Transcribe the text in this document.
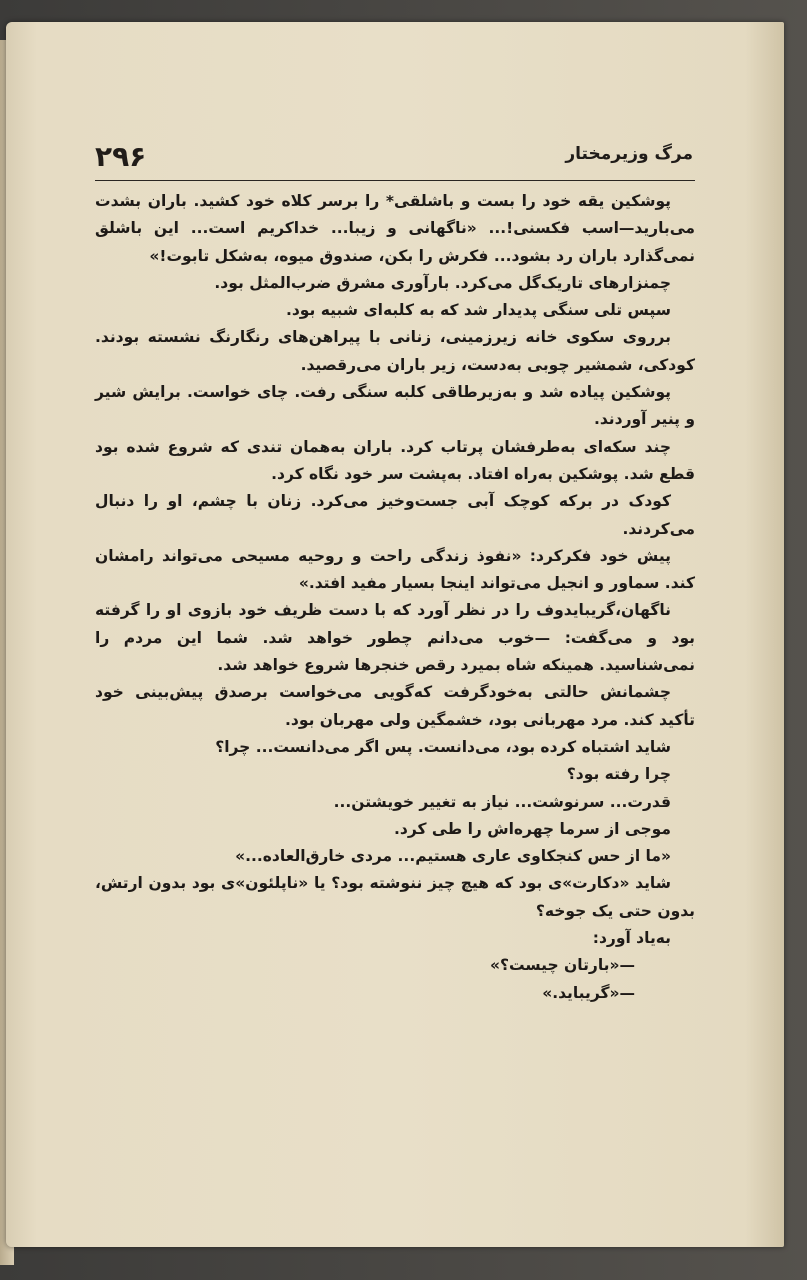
۲۹۶	مرگ وزیرمختار

پوشکین یقه خود را بست و باشلقی* را برسر کلاه خود کشید. باران بشدت می‌بارید—اسب فکسنی!... «ناگهانی و زیبا... خداکریم است... این باشلق نمی‌گذارد باران رد بشود... فکرش را بکن، صندوق میوه، به‌شکل تابوت!»

چمنزارهای تاریک‌گل می‌کرد. بارآوری مشرق ضرب‌المثل بود.

سپس تلی سنگی پدیدار شد که به کلبه‌ای شبیه بود.

برروی سکوی خانه زیرزمینی، زنانی با پیراهن‌های رنگارنگ نشسته بودند. کودکی، شمشیر چوبی به‌دست، زیر باران می‌رقصید.

پوشکین پیاده شد و به‌زیرطاقی کلبه سنگی رفت. چای خواست. برایش شیر و پنیر آوردند.

چند سکه‌ای به‌طرفشان پرتاب کرد. باران به‌همان تندی که شروع شده بود قطع شد. پوشکین به‌راه افتاد. به‌پشت سر خود نگاه کرد.

کودک در برکه کوچک آبی جست‌وخیز می‌کرد. زنان با چشم، او را دنبال می‌کردند.

پیش خود فکرکرد: «نفوذ زندگی راحت و روحیه مسیحی می‌تواند رامشان کند. سماور و انجیل می‌تواند اینجا بسیار مفید افتد.»

ناگهان،گریبایدوف را در نظر آورد که با دست ظریف خود بازوی او را گرفته بود و می‌گفت: —خوب می‌دانم چطور خواهد شد. شما این مردم را نمی‌شناسید. همینکه شاه بمیرد رقص خنجرها شروع خواهد شد.

چشمانش حالتی به‌خودگرفت که‌گویی می‌خواست برصدق پیش‌بینی خود تأکید کند. مرد مهربانی بود، خشمگین ولی مهربان بود.

شاید اشتباه کرده بود، می‌دانست. پس اگر می‌دانست... چرا؟

چرا رفته بود؟

قدرت... سرنوشت... نیاز به تغییر خویشتن...

موجی از سرما چهره‌اش را طی کرد.

«ما از حس کنجکاوی عاری هستیم... مردی خارق‌العاده...»

شاید «دکارت»ی بود که هیچ چیز ننوشته بود؟ یا «ناپلئون»ی بود بدون ارتش، بدون حتی یک جوخه؟

به‌یاد آورد:

—«بارتان چیست؟»

—«گریباید.»
